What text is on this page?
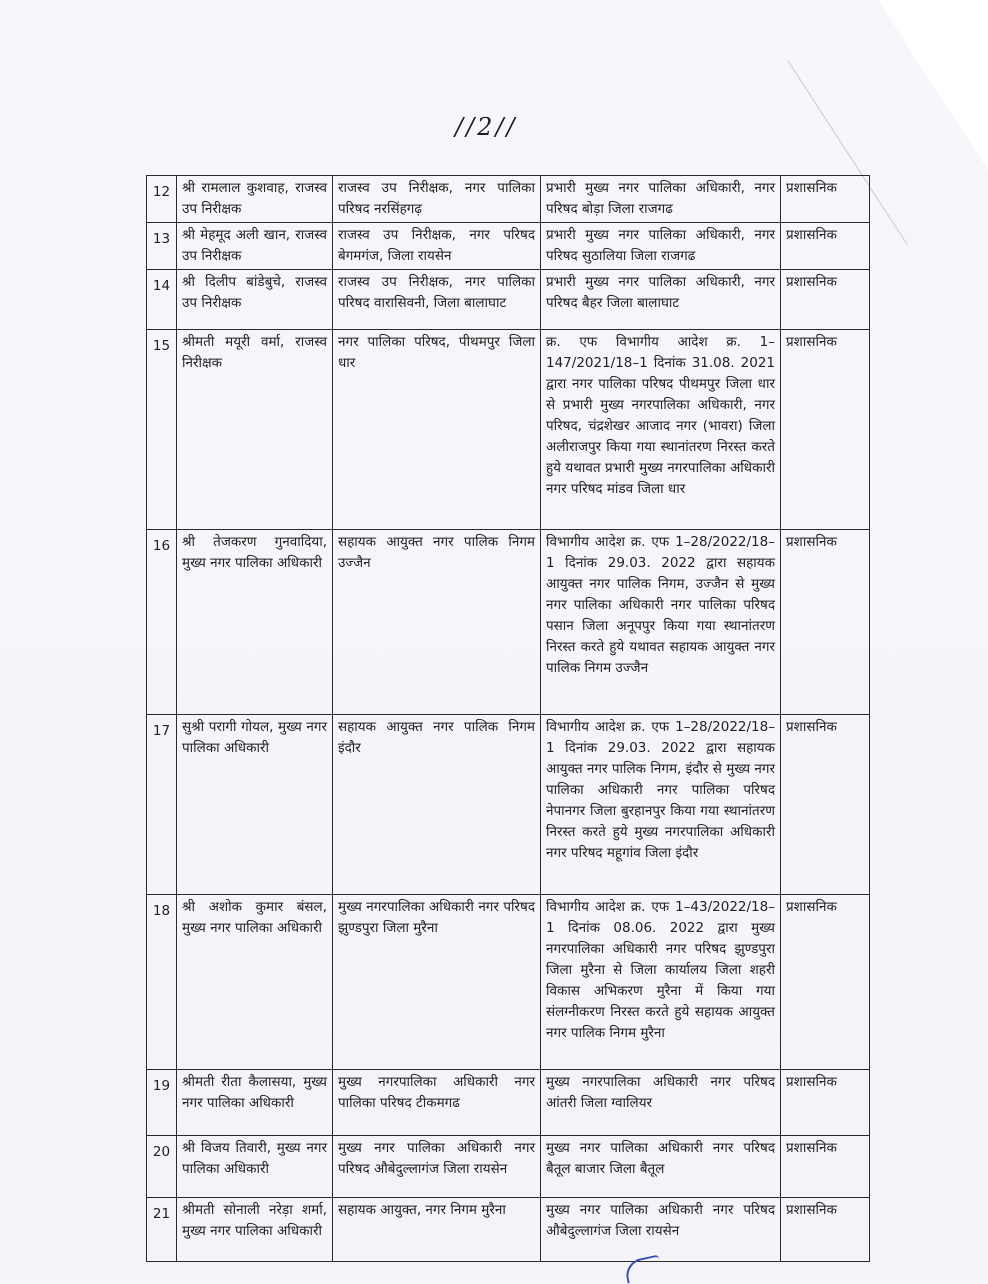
//2//
12	श्री रामलाल कुशवाह, राजस्व उप निरीक्षक	राजस्व उप निरीक्षक, नगर पालिका परिषद नरसिंहगढ़	प्रभारी मुख्य नगर पालिका अधिकारी, नगर परिषद बोड़ा जिला राजगढ	प्रशासनिक
13	श्री मेहमूद अली खान, राजस्व उप निरीक्षक	राजस्व उप निरीक्षक, नगर परिषद बेगमगंज, जिला रायसेन	प्रभारी मुख्य नगर पालिका अधिकारी, नगर परिषद सुठालिया जिला राजगढ	प्रशासनिक
14	श्री दिलीप बांडेबुचे, राजस्व उप निरीक्षक	राजस्व उप निरीक्षक, नगर पालिका परिषद वारासिवनी, जिला बालाघाट	प्रभारी मुख्य नगर पालिका अधिकारी, नगर परिषद बैहर जिला बालाघाट	प्रशासनिक
15	श्रीमती मयूरी वर्मा, राजस्व निरीक्षक	नगर पालिका परिषद, पीथमपुर जिला धार	क्र. एफ विभागीय आदेश क्र. 1–147/2021/18–1 दिनांक 31.08. 2021 द्वारा नगर पालिका परिषद पीथमपुर जिला धार से प्रभारी मुख्य नगरपालिका अधिकारी, नगर परिषद, चंद्रशेखर आजाद नगर (भावरा) जिला अलीराजपुर किया गया स्थानांतरण निरस्त करते हुये यथावत प्रभारी मुख्य नगरपालिका अधिकारी नगर परिषद मांडव जिला धार	प्रशासनिक
16	श्री तेजकरण गुनवादिया, मुख्य नगर पालिका अधिकारी	सहायक आयुक्त नगर पालिक निगम उज्जैन	विभागीय आदेश क्र. एफ 1–28/2022/18–1 दिनांक 29.03. 2022 द्वारा सहायक आयुक्त नगर पालिक निगम, उज्जैन से मुख्य नगर पालिका अधिकारी नगर पालिका परिषद पसान जिला अनूपपुर किया गया स्थानांतरण निरस्त करते हुये यथावत सहायक आयुक्त नगर पालिक निगम उज्जैन	प्रशासनिक
17	सुश्री परागी गोयल, मुख्य नगर पालिका अधिकारी	सहायक आयुक्त नगर पालिक निगम इंदौर	विभागीय आदेश क्र. एफ 1–28/2022/18–1 दिनांक 29.03. 2022 द्वारा सहायक आयुक्त नगर पालिक निगम, इंदौर से मुख्य नगर पालिका अधिकारी नगर पालिका परिषद नेपानगर जिला बुरहानपुर किया गया स्थानांतरण निरस्त करते हुये मुख्य नगरपालिका अधिकारी नगर परिषद महूगांव जिला इंदौर	प्रशासनिक
18	श्री अशोक कुमार बंसल, मुख्य नगर पालिका अधिकारी	मुख्य नगरपालिका अधिकारी नगर परिषद झुण्डपुरा जिला मुरैना	विभागीय आदेश क्र. एफ 1–43/2022/18–1 दिनांक 08.06. 2022 द्वारा मुख्य नगरपालिका अधिकारी नगर परिषद झुण्डपुरा जिला मुरैना से जिला कार्यालय जिला शहरी विकास अभिकरण मुरैना में किया गया संलग्नीकरण निरस्त करते हुये सहायक आयुक्त नगर पालिक निगम मुरैना	प्रशासनिक
19	श्रीमती रीता कैलासया, मुख्य नगर पालिका अधिकारी	मुख्य नगरपालिका अधिकारी नगर पालिका परिषद टीकमगढ	मुख्य नगरपालिका अधिकारी नगर परिषद आंतरी जिला ग्वालियर	प्रशासनिक
20	श्री विजय तिवारी, मुख्य नगर पालिका अधिकारी	मुख्य नगर पालिका अधिकारी नगर परिषद औबेदुल्लागंज जिला रायसेन	मुख्य नगर पालिका अधिकारी नगर परिषद बैतूल बाजार जिला बैतूल	प्रशासनिक
21	श्रीमती सोनाली नरेड़ा शर्मा, मुख्य नगर पालिका अधिकारी	सहायक आयुक्त, नगर निगम मुरैना	मुख्य नगर पालिका अधिकारी नगर परिषद औबेदुल्लागंज जिला रायसेन	प्रशासनिक
